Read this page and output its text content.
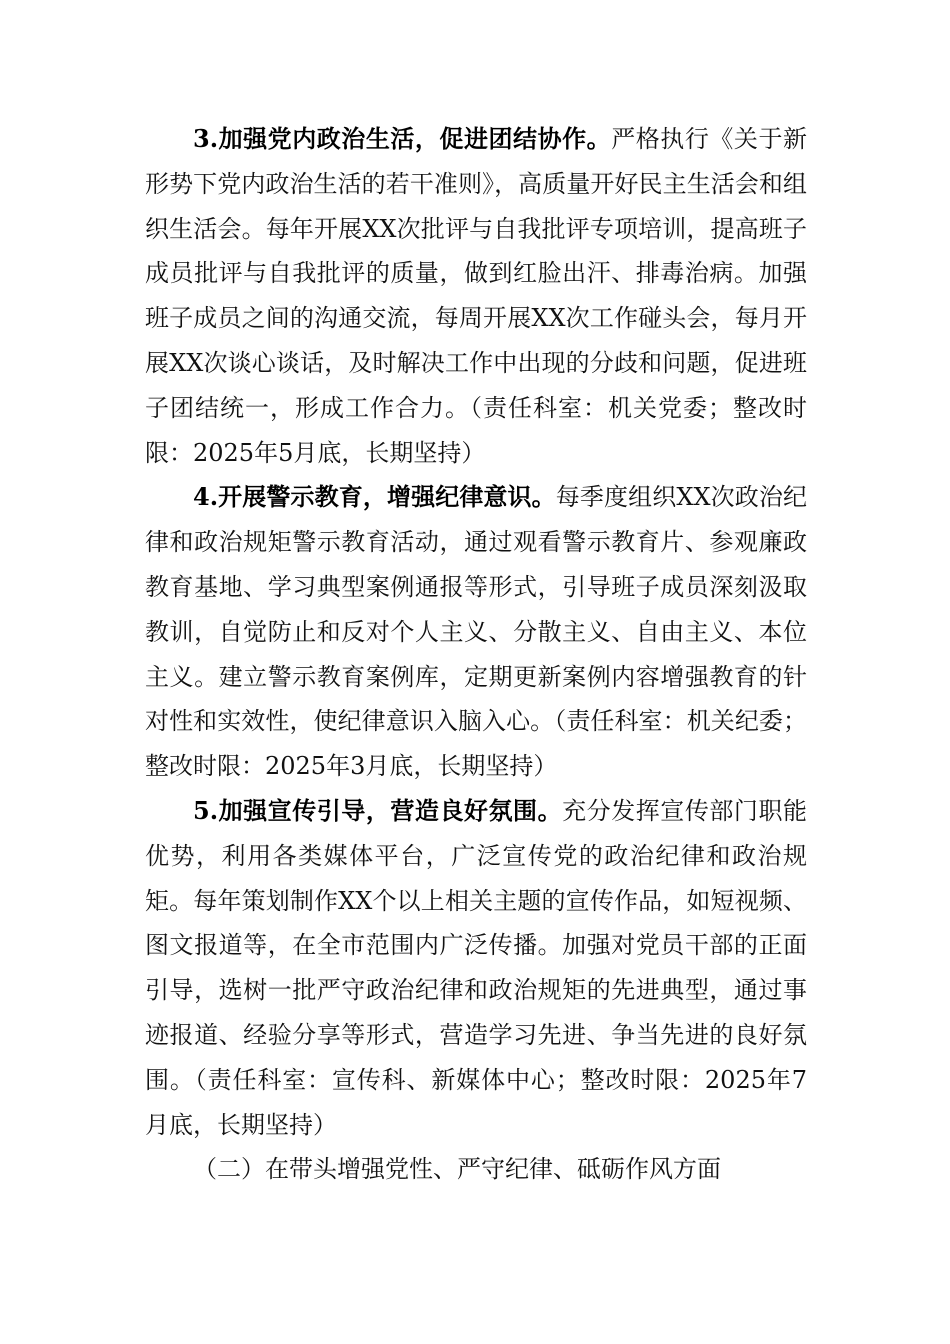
3.加强党内政治生活，促进团结协作。严格执行《关于新形势下党内政治生活的若干准则》，高质量开好民主生活会和组织生活会。每年开展XX次批评与自我批评专项培训，提高班子成员批评与自我批评的质量，做到红脸出汗、排毒治病。加强班子成员之间的沟通交流，每周开展XX次工作碰头会，每月开展XX次谈心谈话，及时解决工作中出现的分歧和问题，促进班子团结统一，形成工作合力。（责任科室：机关党委；整改时限：2025年5月底，长期坚持）

4.开展警示教育，增强纪律意识。每季度组织XX次政治纪律和政治规矩警示教育活动，通过观看警示教育片、参观廉政教育基地、学习典型案例通报等形式，引导班子成员深刻汲取教训，自觉防止和反对个人主义、分散主义、自由主义、本位主义。建立警示教育案例库，定期更新案例内容增强教育的针对性和实效性，使纪律意识入脑入心。（责任科室：机关纪委；整改时限：2025年3月底，长期坚持）

5.加强宣传引导，营造良好氛围。充分发挥宣传部门职能优势，利用各类媒体平台，广泛宣传党的政治纪律和政治规矩。每年策划制作XX个以上相关主题的宣传作品，如短视频、图文报道等，在全市范围内广泛传播。加强对党员干部的正面引导，选树一批严守政治纪律和政治规矩的先进典型，通过事迹报道、经验分享等形式，营造学习先进、争当先进的良好氛围。（责任科室：宣传科、新媒体中心；整改时限：2025年7月底，长期坚持）

（二）在带头增强党性、严守纪律、砥砺作风方面
